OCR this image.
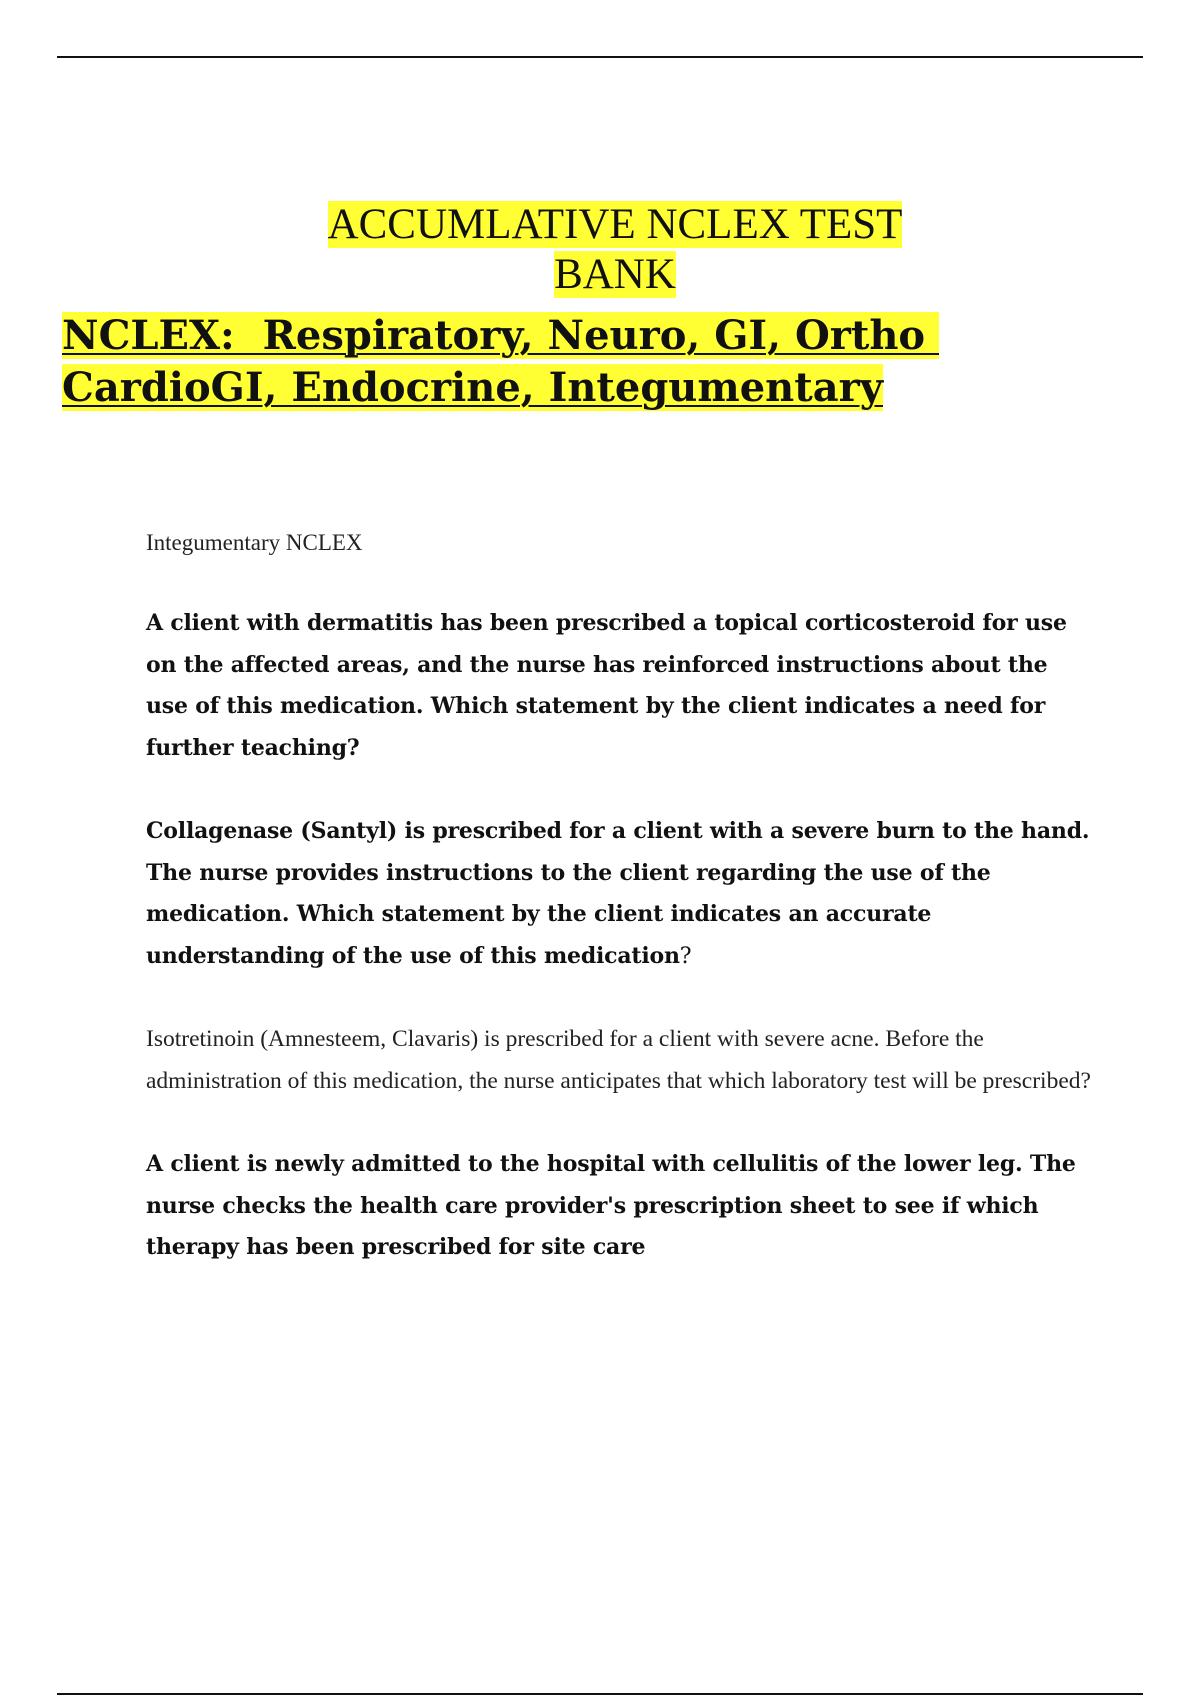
ACCUMLATIVE NCLEX TEST
BANK
NCLEX:  Respiratory, Neuro, GI, Ortho
CardioGI, Endocrine, Integumentary

Integumentary NCLEX

A client with dermatitis has been prescribed a topical corticosteroid for use on the affected areas, and the nurse has reinforced instructions about the use of this medication. Which statement by the client indicates a need for further teaching?

Collagenase (Santyl) is prescribed for a client with a severe burn to the hand. The nurse provides instructions to the client regarding the use of the medication. Which statement by the client indicates an accurate understanding of the use of this medication?

Isotretinoin (Amnesteem, Clavaris) is prescribed for a client with severe acne. Before the administration of this medication, the nurse anticipates that which laboratory test will be prescribed?

A client is newly admitted to the hospital with cellulitis of the lower leg. The nurse checks the health care provider's prescription sheet to see if which therapy has been prescribed for site care
